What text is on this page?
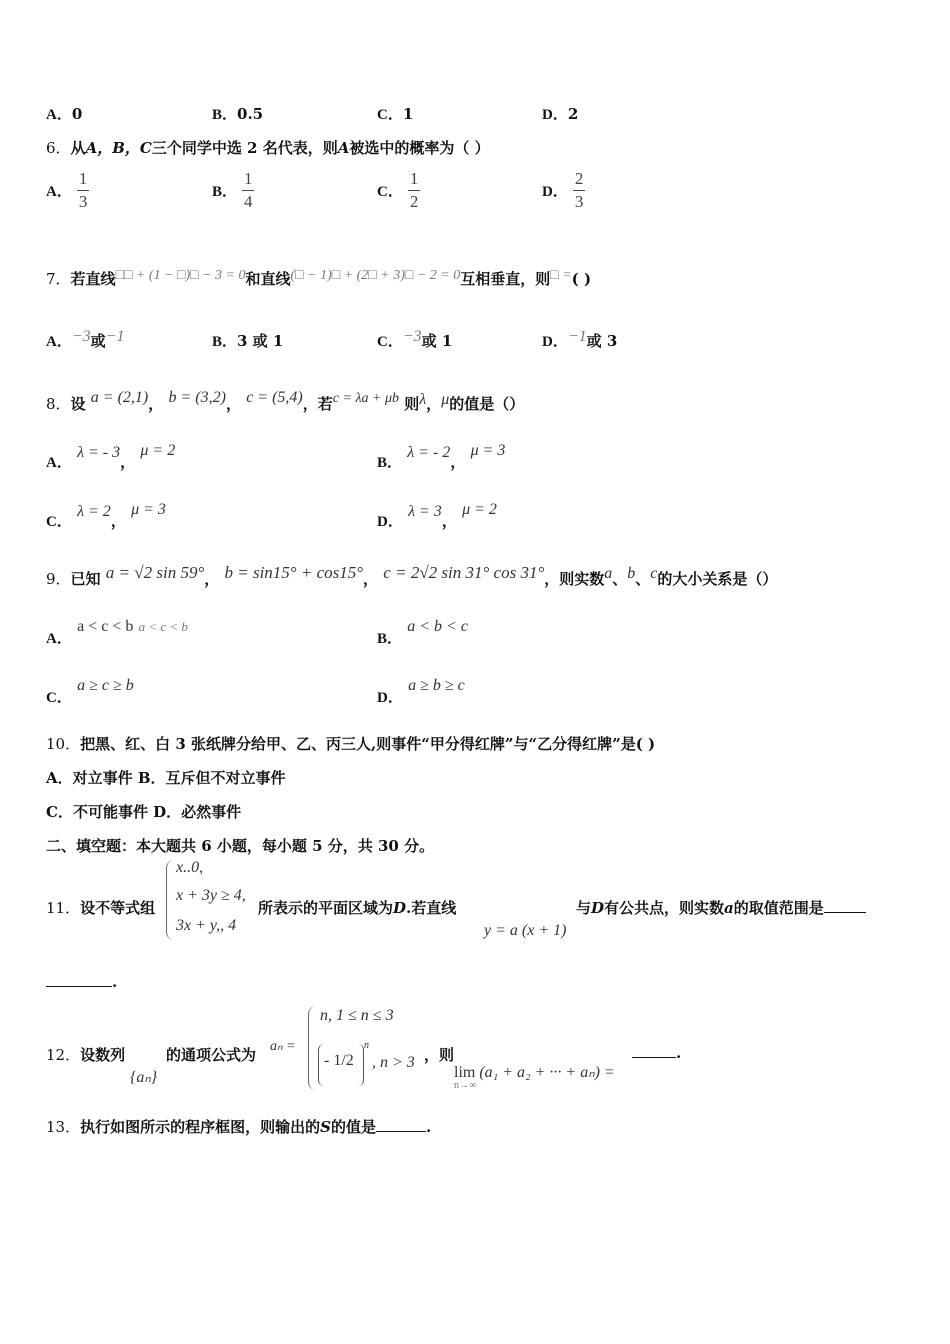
A．0	B．0.5	C．1	D．2
6．从A，B，C三个同学中选 2 名代表，则A被选中的概率为（ ）
A． $\frac{1}{3}$	B． $\frac{1}{4}$	C． $\frac{1}{2}$	D． $\frac{2}{3}$
7．若直线□□ + (1 − □)□ − 3 = 0和直线(□ − 1)□ + (2□ + 3)□ − 2 = 0互相垂直，则□ =( )
A．−3或−1	B．3 或 1	C．−3或 1	D．−1或 3
8．设 a = (2,1)， b = (3,2)， c = (5,4)，若c = λa + μb 则λ，μ的值是（）
A． λ = - 3， μ = 2
B． λ = - 2， μ = 3
C． λ = 2， μ = 3
D． λ = 3， μ = 2
9．已知 a = √2 sin 59°， b = sin15° + cos15°， c = 2√2 sin 31° cos 31°，则实数a、b、c的大小关系是（）
A． a < c < b a < c < b
B． a < b < c
C． a ≥ c ≥ b
D． a ≥ b ≥ c
10．把黑、红、白 3 张纸牌分给甲、乙、丙三人,则事件“甲分得红牌”与“乙分得红牌”是( )
A．对立事件 B．互斥但不对立事件
C．不可能事件 D．必然事件
二、填空题：本大题共 6 小题，每小题 5 分，共 30 分。
11．设不等式组
x..0,
x + 3y ≥ 4,
3x + y,, 4
所表示的平面区域为D.若直线
y = a (x + 1)
与D有公共点，则实数a的取值范围是
.
12．设数列
{aₙ}
的通项公式为 aₙ =
n, 1 ≤ n ≤ 3
- 1/2
n
, n > 3 ，则
lim (a₁ + a₂ + ··· + aₙ) =
n→∞
.
13．执行如图所示的程序框图，则输出的S的值是	.
